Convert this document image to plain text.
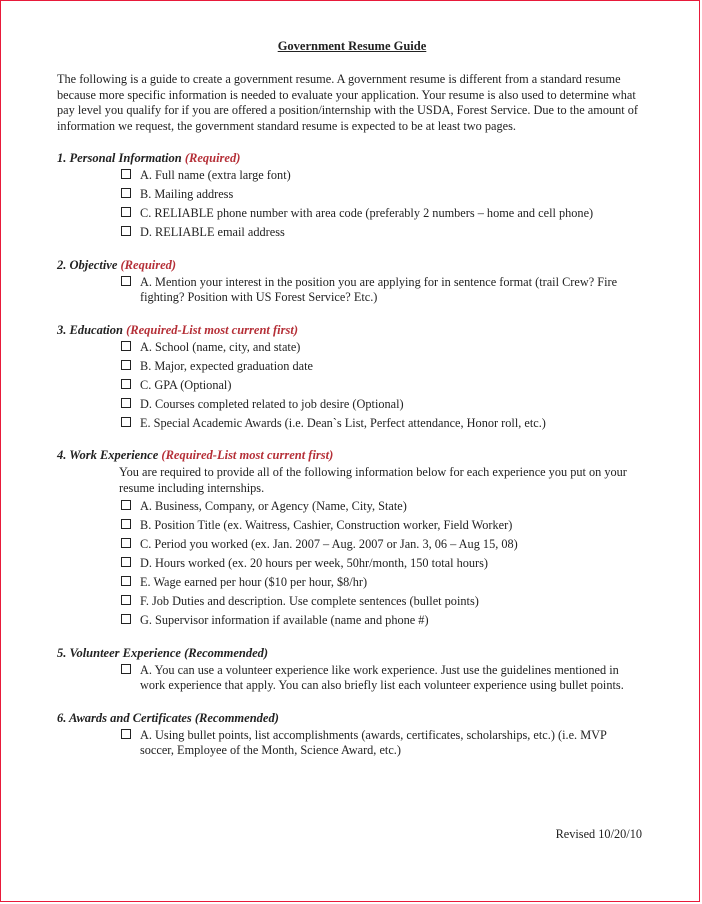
Government Resume Guide

The following is a guide to create a government resume. A government resume is different from a standard resume because more specific information is needed to evaluate your application. Your resume is also used to determine what pay level you qualify for if you are offered a position/internship with the USDA, Forest Service. Due to the amount of information we request, the government standard resume is expected to be at least two pages.

1. Personal Information (Required)
A. Full name (extra large font)
B. Mailing address
C. RELIABLE phone number with area code (preferably 2 numbers – home and cell phone)
D. RELIABLE email address
2. Objective (Required)
A. Mention your interest in the position you are applying for in sentence format (trail Crew? Fire fighting? Position with US Forest Service? Etc.)
3. Education (Required-List most current first)
A. School (name, city, and state)
B. Major, expected graduation date
C. GPA (Optional)
D. Courses completed related to job desire (Optional)
E. Special Academic Awards (i.e. Dean`s List, Perfect attendance, Honor roll, etc.)
4. Work Experience (Required-List most current first)
You are required to provide all of the following information below for each experience you put on your resume including internships.
A. Business, Company, or Agency (Name, City, State)
B. Position Title (ex. Waitress, Cashier, Construction worker, Field Worker)
C. Period you worked (ex. Jan. 2007 – Aug. 2007 or Jan. 3, 06 – Aug 15, 08)
D. Hours worked (ex. 20 hours per week, 50hr/month, 150 total hours)
E. Wage earned per hour ($10 per hour, $8/hr)
F. Job Duties and description. Use complete sentences (bullet points)
G. Supervisor information if available (name and phone #)
5. Volunteer Experience (Recommended)
A. You can use a volunteer experience like work experience. Just use the guidelines mentioned in work experience that apply. You can also briefly list each volunteer experience using bullet points.
6. Awards and Certificates (Recommended)
A. Using bullet points, list accomplishments (awards, certificates, scholarships, etc.) (i.e. MVP soccer, Employee of the Month, Science Award, etc.)
Revised 10/20/10
